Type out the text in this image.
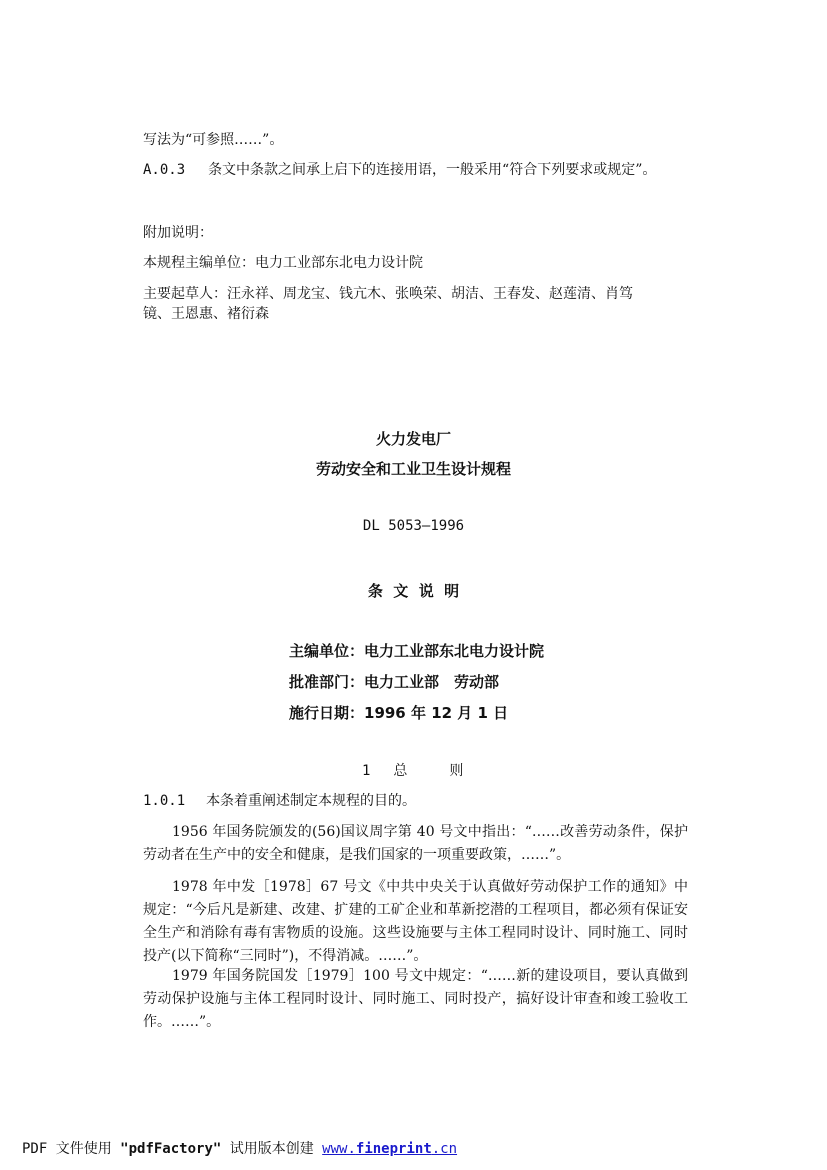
写法为“可参照……”。

A.0.3 条文中条款之间承上启下的连接用语，一般采用“符合下列要求或规定”。

附加说明：

本规程主编单位：电力工业部东北电力设计院

主要起草人：汪永祥、周龙宝、钱亢木、张唤荣、胡洁、王春发、赵莲清、肖笃

镜、王恩惠、褚衍森

火力发电厂

劳动安全和工业卫生设计规程

DL 5053—1996

条  文  说  明

主编单位：电力工业部东北电力设计院

批准部门：电力工业部　劳动部

施行日期：1996 年 12 月 1 日

1 总　　　则

1.0.1 本条着重阐述制定本规程的目的。

1956 年国务院颁发的(56)国议周字第 40 号文中指出：“……改善劳动条件，保护劳动者在生产中的安全和健康，是我们国家的一项重要政策，……”。

1978 年中发［1978］67 号文《中共中央关于认真做好劳动保护工作的通知》中规定：“今后凡是新建、改建、扩建的工矿企业和革新挖潜的工程项目，都必须有保证安全生产和消除有毒有害物质的设施。这些设施要与主体工程同时设计、同时施工、同时投产(以下简称“三同时”)，不得消减。……”。

1979 年国务院国发［1979］100 号文中规定：“……新的建设项目，要认真做到劳动保护设施与主体工程同时设计、同时施工、同时投产，搞好设计审查和竣工验收工作。……”。

PDF 文件使用 "pdfFactory" 试用版本创建 www.fineprint.cn
